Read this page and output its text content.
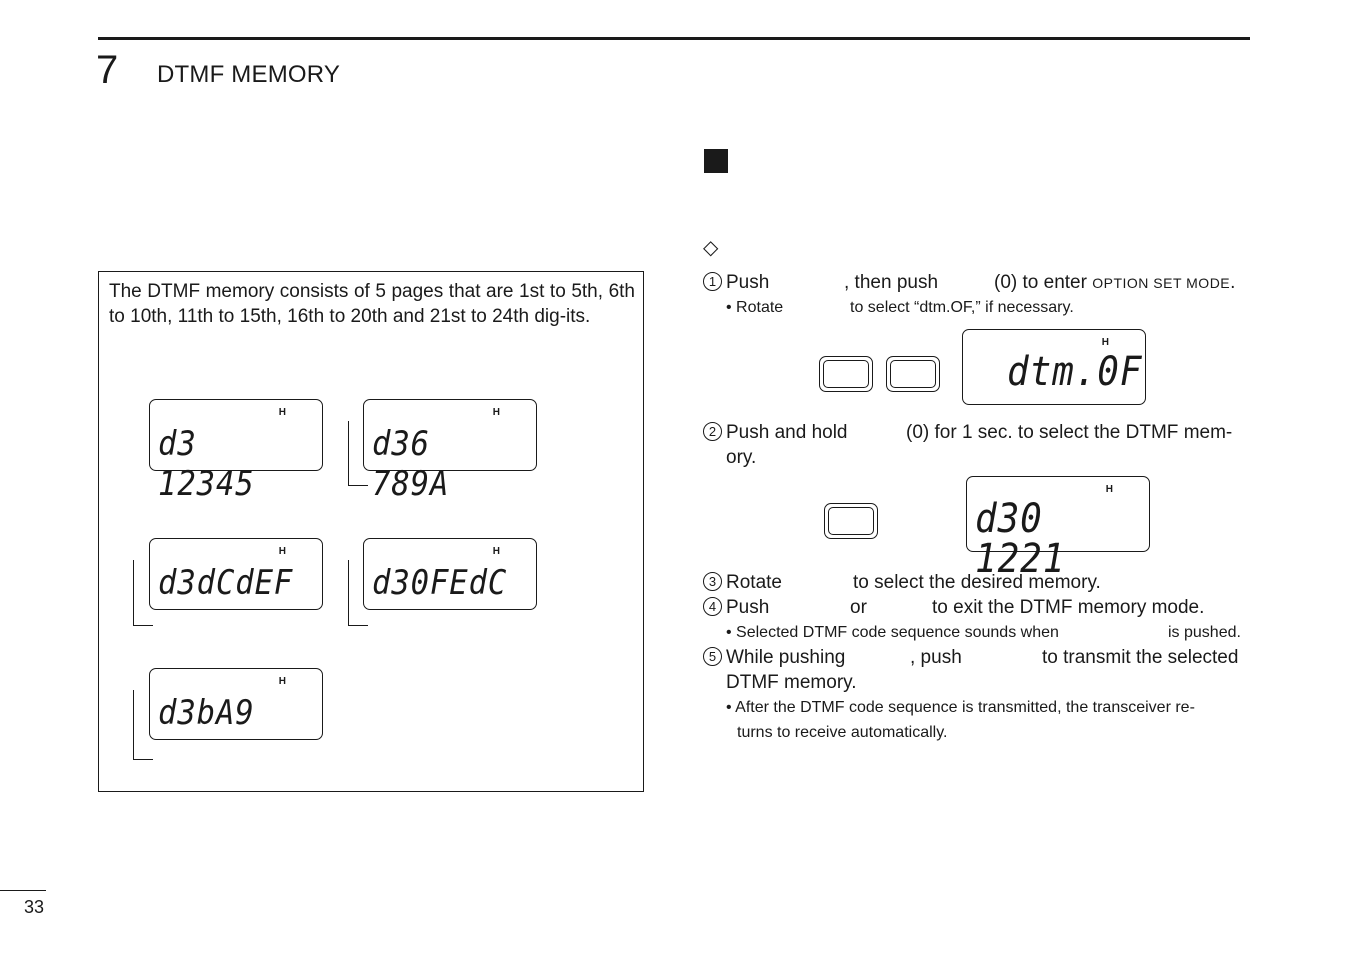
7 DTMF MEMORY
The DTMF memory consists of 5 pages that are 1st to 5th, 6th to 10th, 11th to 15th, 16th to 20th and 21st to 24th dig-its.
H
d3 12345
H
d36 789A
H
d3dCdEF
H
d30FEdC
H
d3bA9
◇
1 Push	, then push	(0) to enter OPTION SET MODE.
• Rotate	to select “dtm.OF,” if necessary.
H
dtm.0F
2 Push and hold	(0) for 1 sec. to select the DTMF mem-
ory.
H
d30 1221
3 Rotate	to select the desired memory.
4 Push	or	to exit the DTMF memory mode.
• Selected DTMF code sequence sounds when	is pushed.
5 While pushing	, push	to transmit the selected
DTMF memory.
• After the DTMF code sequence is transmitted, the transceiver re-
turns to receive automatically.
33
